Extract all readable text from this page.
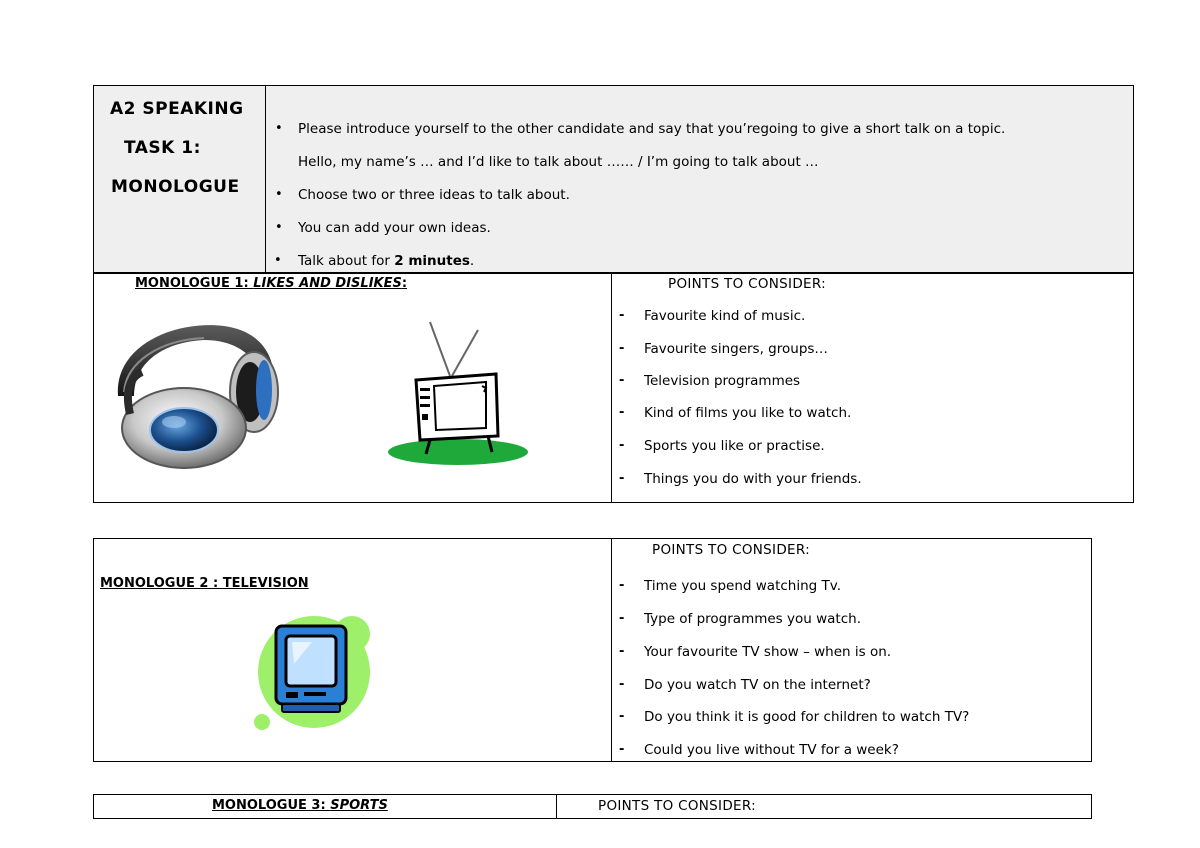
A2 SPEAKING
TASK 1:
MONOLOGUE
• Please introduce yourself to the other candidate and say that you’regoing to give a short talk on a topic.
Hello, my name’s … and I’d like to talk about …… / I’m going to talk about …
• Choose two or three ideas to talk about.
• You can add your own ideas.
• Talk about for 2 minutes.
MONOLOGUE 1: LIKES AND DISLIKES:	POINTS TO CONSIDER:
- Favourite kind of music.
- Favourite singers, groups…
- Television programmes
- Kind of films you like to watch.
- Sports you like or practise.
- Things you do with your friends.
MONOLOGUE 2 : TELEVISION
POINTS TO CONSIDER:
- Time you spend watching Tv.
- Type of programmes you watch.
- Your favourite TV show – when is on.
- Do you watch TV on the internet?
- Do you think it is good for children to watch TV?
- Could you live without TV for a week?
MONOLOGUE 3: SPORTS	POINTS TO CONSIDER:
